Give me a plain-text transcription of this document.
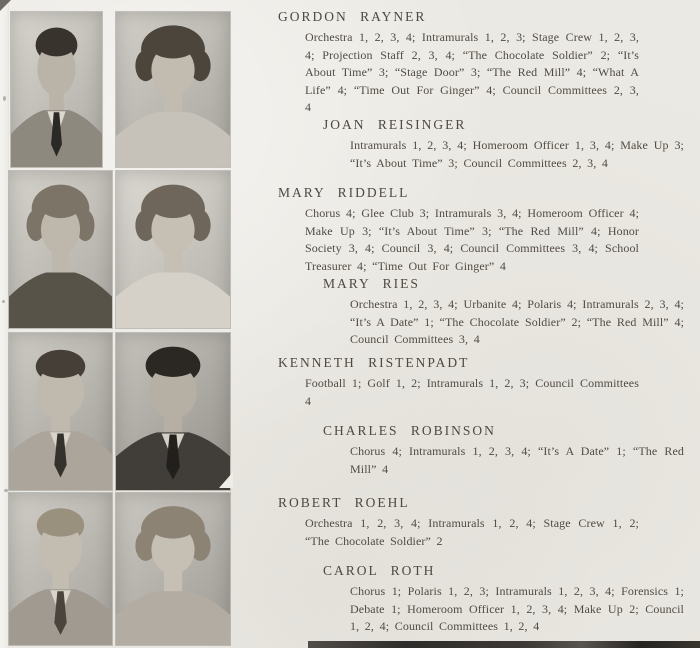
GORDON RAYNER

Orchestra 1, 2, 3, 4; Intramurals 1, 2, 3; Stage Crew 1, 2, 3, 4; Projection Staff 2, 3, 4; “The Chocolate Soldier” 2; “It’s About Time” 3; “Stage Door” 3; “The Red Mill” 4; “What A Life” 4; “Time Out For Ginger” 4; Council Committees 2, 3, 4

JOAN REISINGER

Intramurals 1, 2, 3, 4; Homeroom Officer 1, 3, 4; Make Up 3; “It’s About Time” 3; Council Committees 2, 3, 4

MARY RIDDELL

Chorus 4; Glee Club 3; Intramurals 3, 4; Homeroom Officer 4; Make Up 3; “It’s About Time” 3; “The Red Mill” 4; Honor Society 3, 4; Council 3, 4; Council Committees 3, 4; School Treasurer 4; “Time Out For Ginger” 4

MARY RIES

Orchestra 1, 2, 3, 4; Urbanite 4; Polaris 4; Intramurals 2, 3, 4; “It’s A Date” 1; “The Chocolate Soldier” 2; “The Red Mill” 4; Council Committees 3, 4

KENNETH RISTENPADT

Football 1; Golf 1, 2; Intramurals 1, 2, 3; Council Committees 4

CHARLES ROBINSON

Chorus 4; Intramurals 1, 2, 3, 4; “It’s A Date” 1; “The Red Mill” 4

ROBERT ROEHL

Orchestra 1, 2, 3, 4; Intramurals 1, 2, 4; Stage Crew 1, 2; “The Chocolate Soldier” 2

CAROL ROTH

Chorus 1; Polaris 1, 2, 3; Intramurals 1, 2, 3, 4; Forensics 1; Debate 1; Homeroom Officer 1, 2, 3, 4; Make Up 2; Council 1, 2, 4; Council Committees 1, 2, 4
